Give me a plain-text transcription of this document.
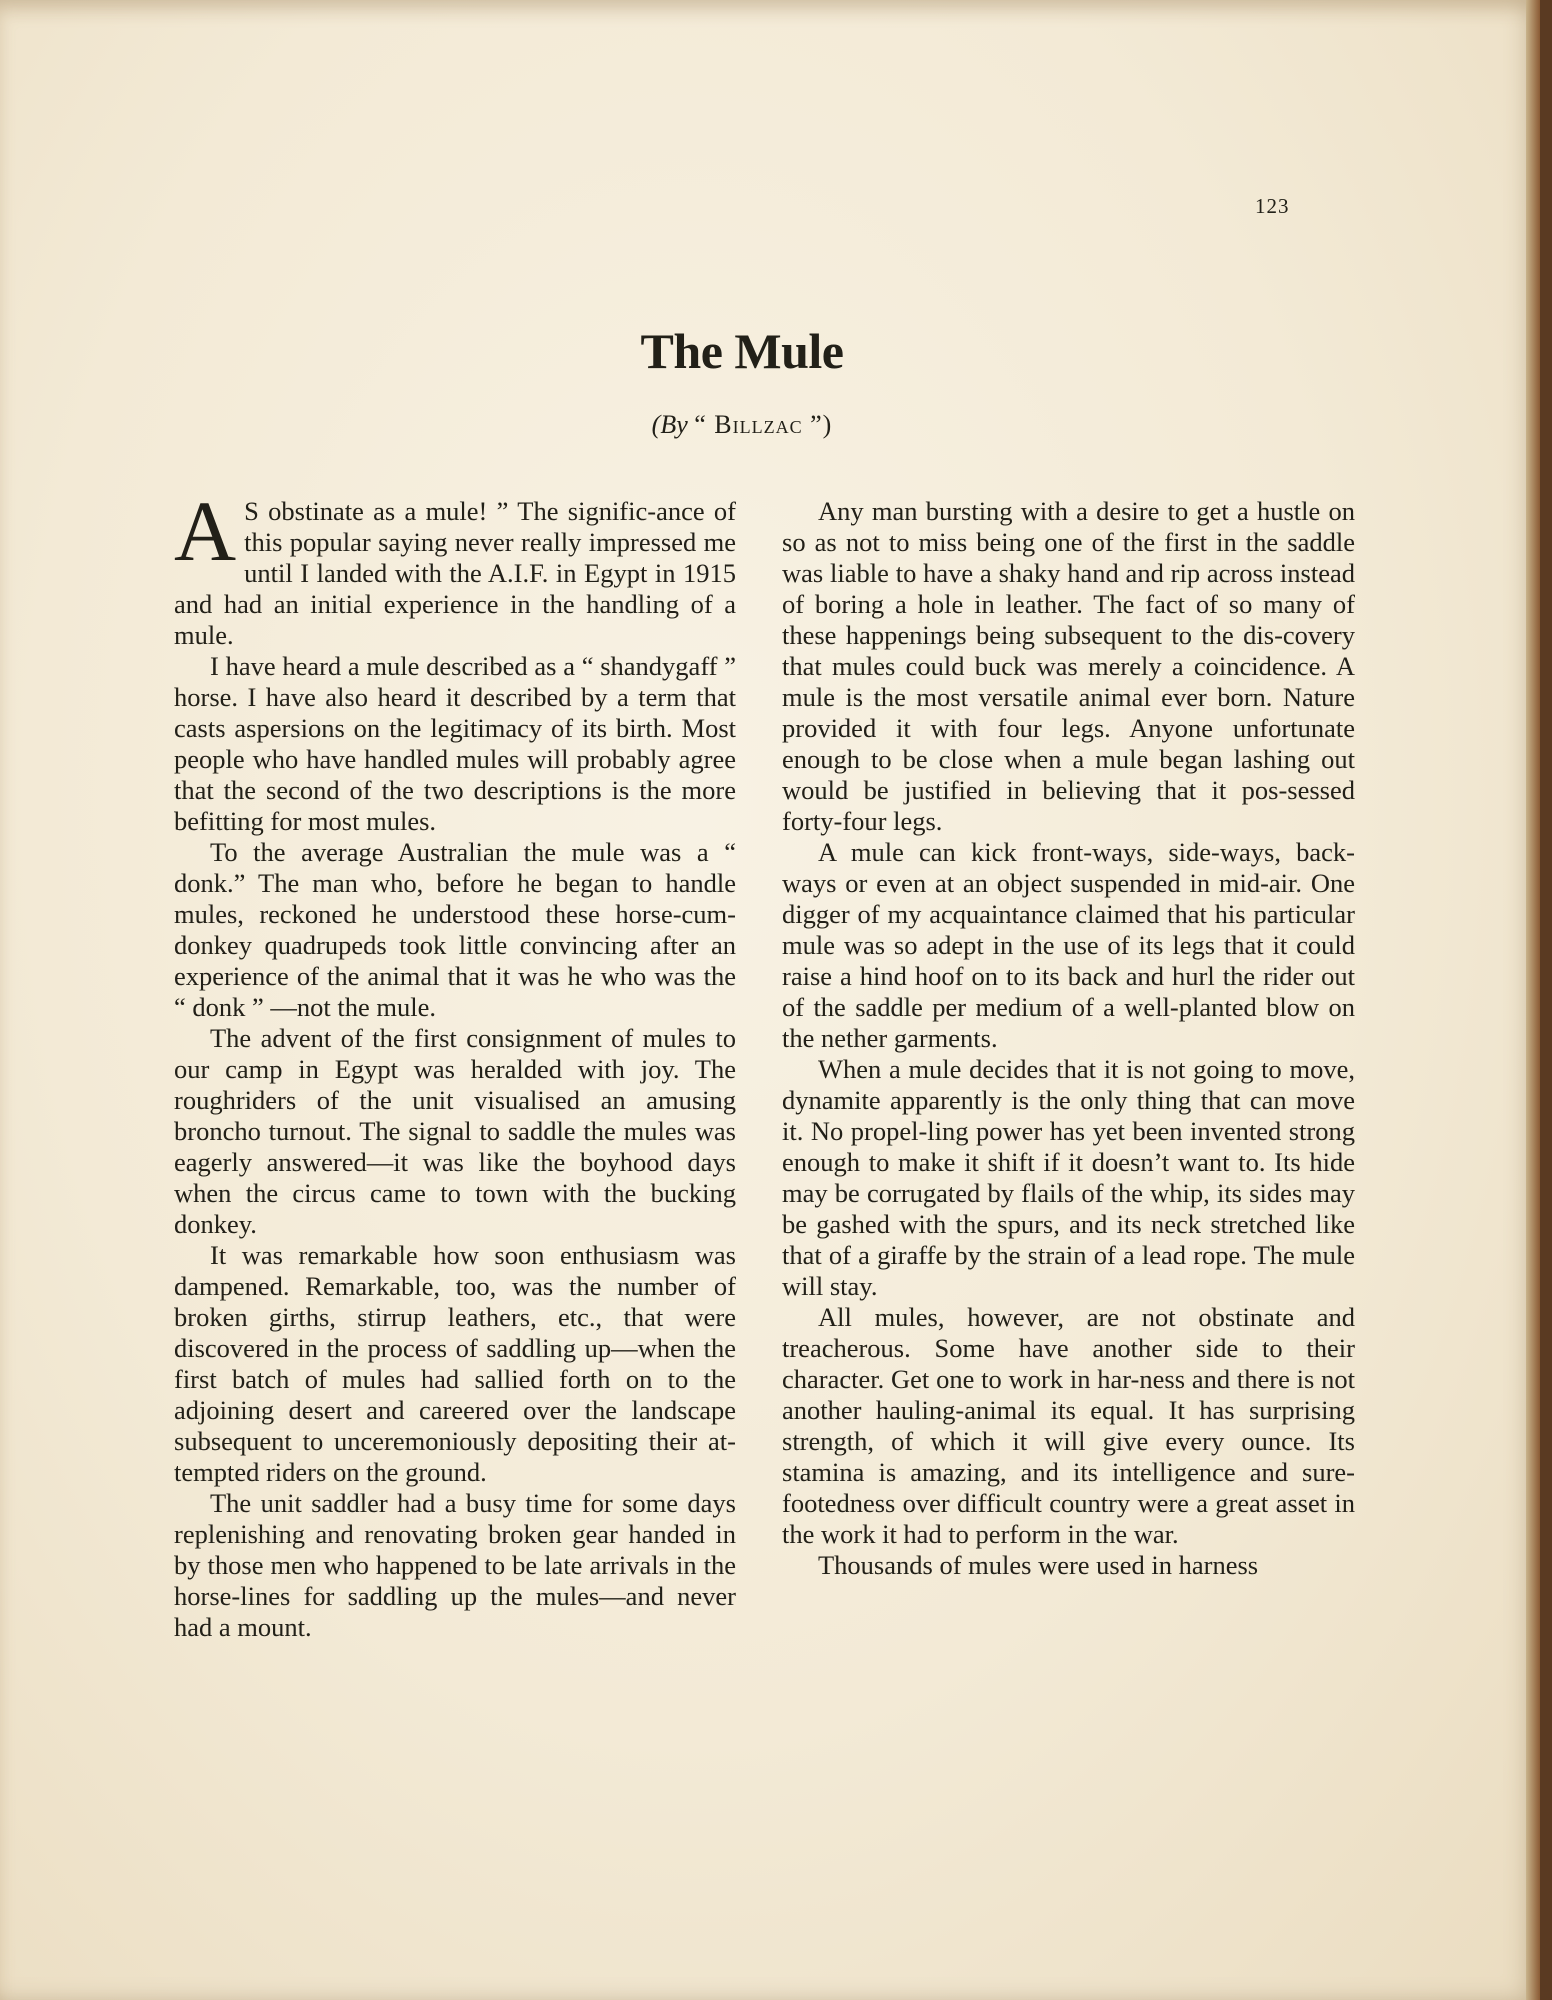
123
The Mule
(By “ Billzac ”)

A S obstinate as a mule! ” The signific-ance of this popular saying never really impressed me until I landed with the A.I.F. in Egypt in 1915 and had an initial experience in the handling of a mule.

I have heard a mule described as a “ shandygaff ” horse. I have also heard it described by a term that casts aspersions on the legitimacy of its birth. Most people who have handled mules will probably agree that the second of the two descriptions is the more befitting for most mules.

To the average Australian the mule was a “ donk.” The man who, before he began to handle mules, reckoned he understood these horse-cum-donkey quadrupeds took little convincing after an experience of the animal that it was he who was the “ donk ” —not the mule.

The advent of the first consignment of mules to our camp in Egypt was heralded with joy. The roughriders of the unit visualised an amusing broncho turnout. The signal to saddle the mules was eagerly answered—it was like the boyhood days when the circus came to town with the bucking donkey.

It was remarkable how soon enthusiasm was dampened. Remarkable, too, was the number of broken girths, stirrup leathers, etc., that were discovered in the process of saddling up—when the first batch of mules had sallied forth on to the adjoining desert and careered over the landscape subsequent to unceremoniously depositing their at-tempted riders on the ground.

The unit saddler had a busy time for some days replenishing and renovating broken gear handed in by those men who happened to be late arrivals in the horse-lines for saddling up the mules—and never had a mount.

Any man bursting with a desire to get a hustle on so as not to miss being one of the first in the saddle was liable to have a shaky hand and rip across instead of boring a hole in leather. The fact of so many of these happenings being subsequent to the dis-covery that mules could buck was merely a coincidence. A mule is the most versatile animal ever born. Nature provided it with four legs. Anyone unfortunate enough to be close when a mule began lashing out would be justified in believing that it pos-sessed forty-four legs.

A mule can kick front-ways, side-ways, back-ways or even at an object suspended in mid-air. One digger of my acquaintance claimed that his particular mule was so adept in the use of its legs that it could raise a hind hoof on to its back and hurl the rider out of the saddle per medium of a well-planted blow on the nether garments.

When a mule decides that it is not going to move, dynamite apparently is the only thing that can move it. No propel-ling power has yet been invented strong enough to make it shift if it doesn’t want to. Its hide may be corrugated by flails of the whip, its sides may be gashed with the spurs, and its neck stretched like that of a giraffe by the strain of a lead rope. The mule will stay.

All mules, however, are not obstinate and treacherous. Some have another side to their character. Get one to work in har-ness and there is not another hauling-animal its equal. It has surprising strength, of which it will give every ounce. Its stamina is amazing, and its intelligence and sure-footedness over difficult country were a great asset in the work it had to perform in the war.

Thousands of mules were used in harness
